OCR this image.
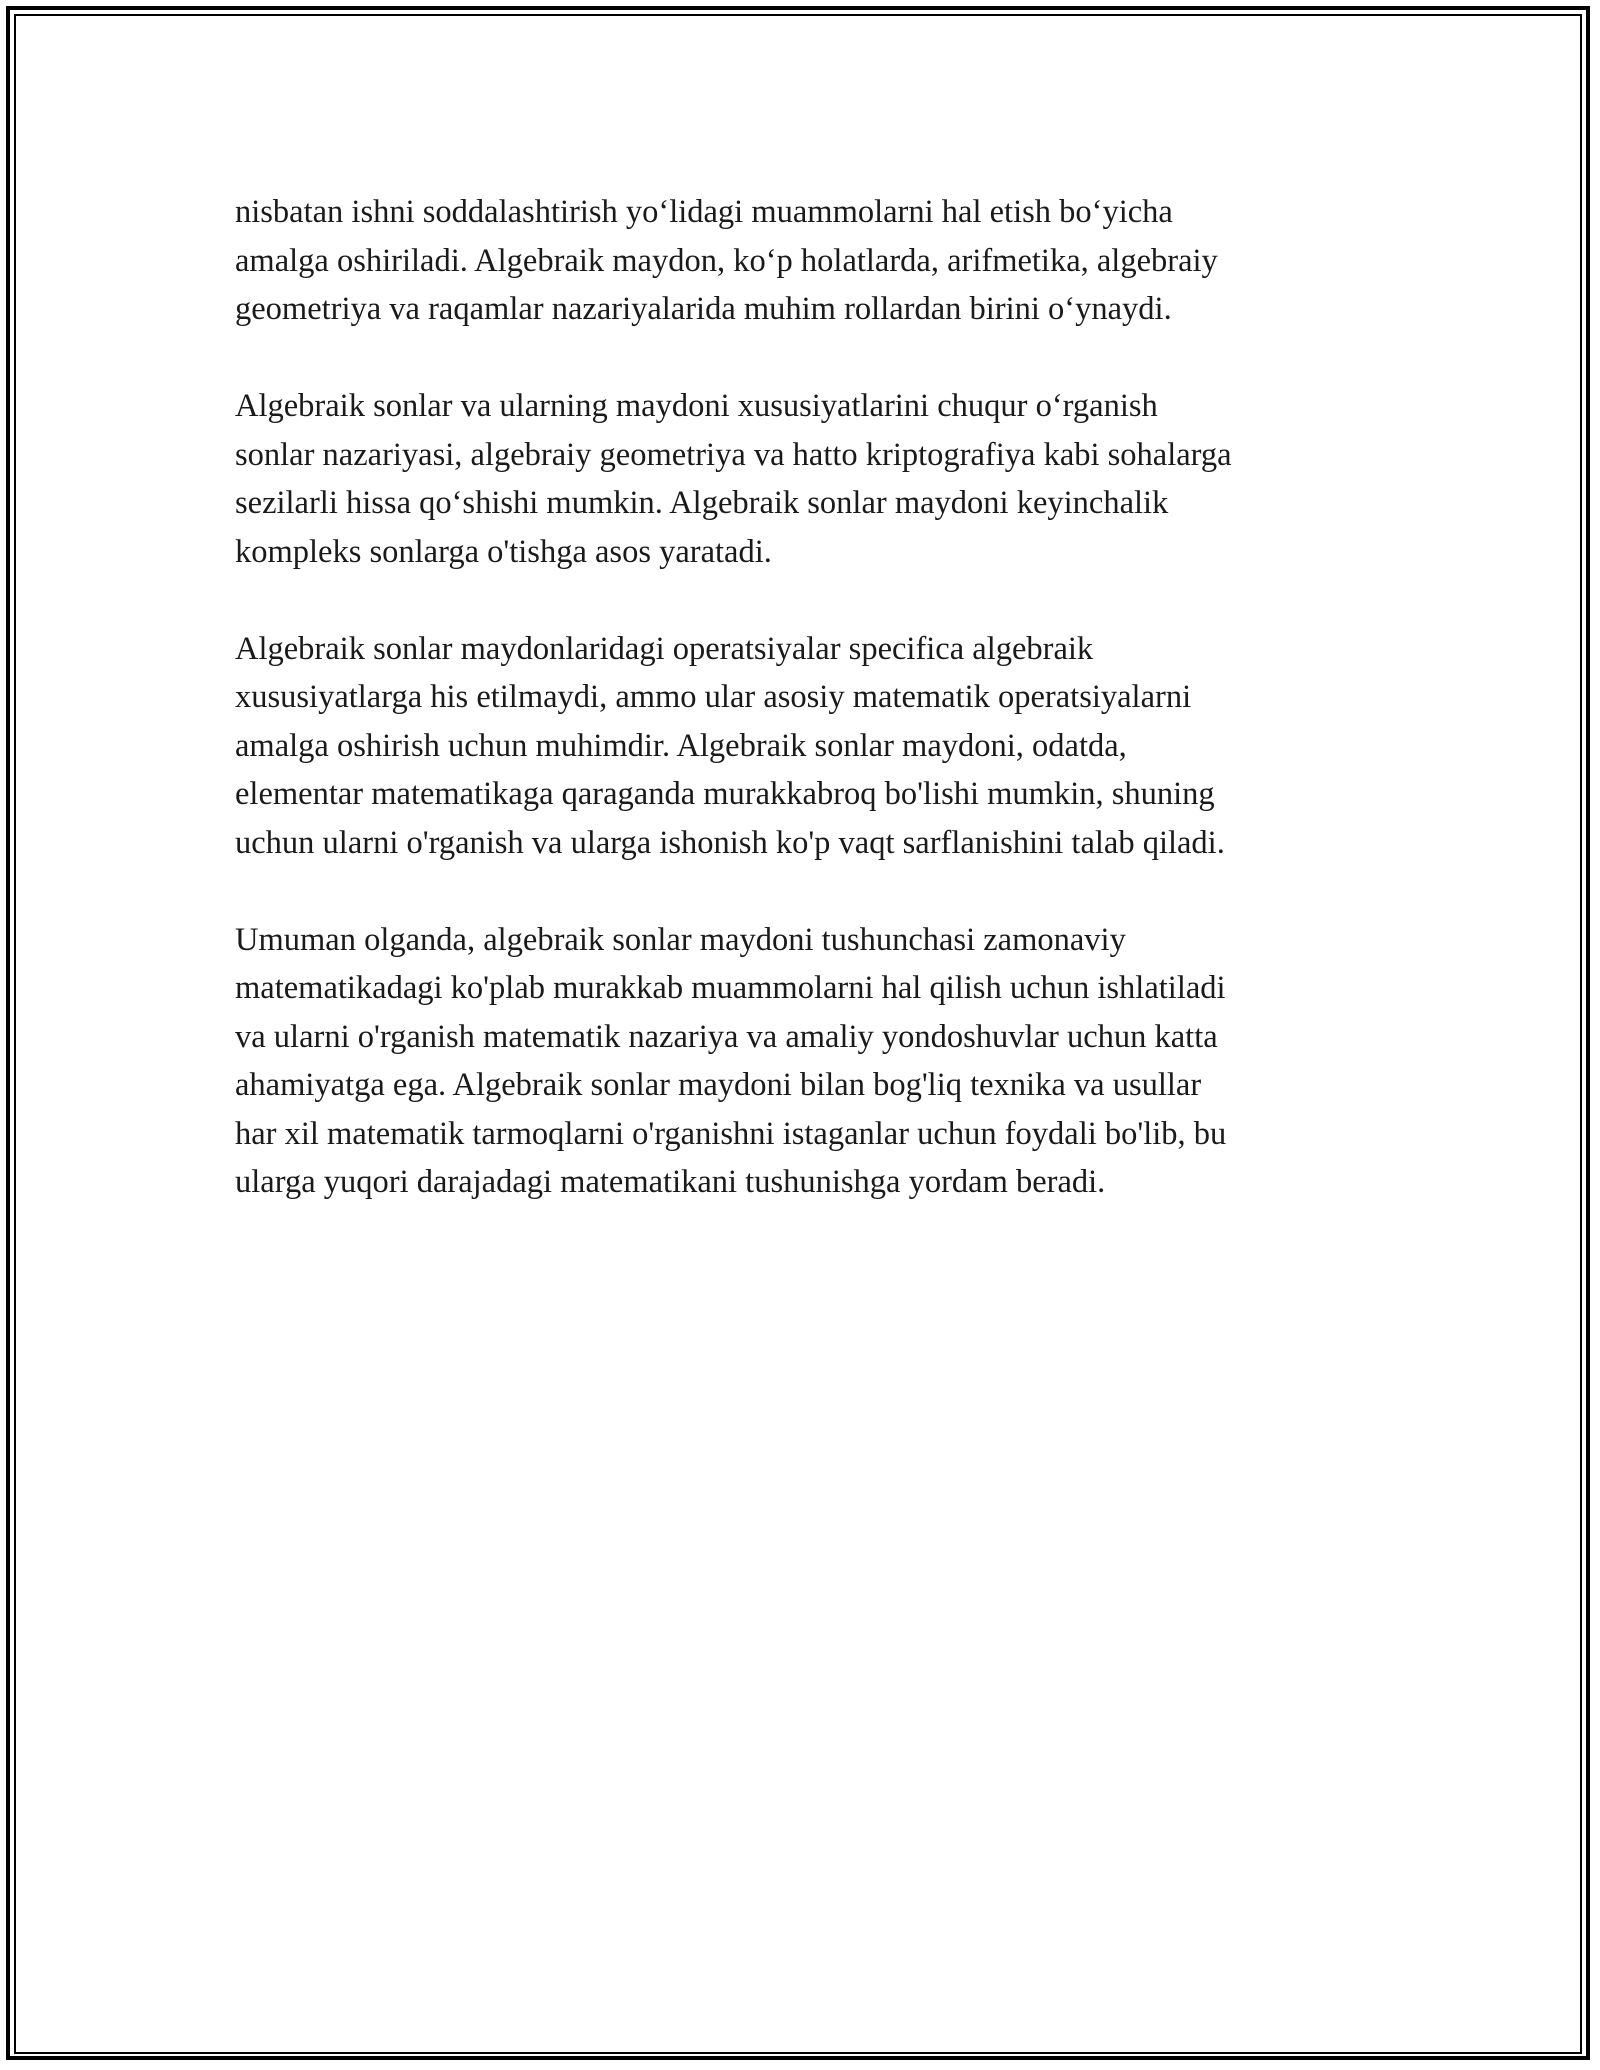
nisbatan ishni soddalashtirish yo‘lidagi muammolarni hal etish bo‘yicha
amalga oshiriladi. Algebraik maydon, ko‘p holatlarda, arifmetika, algebraiy
geometriya va raqamlar nazariyalarida muhim rollardan birini o‘ynaydi.

Algebraik sonlar va ularning maydoni xususiyatlarini chuqur o‘rganish
sonlar nazariyasi, algebraiy geometriya va hatto kriptografiya kabi sohalarga
sezilarli hissa qo‘shishi mumkin. Algebraik sonlar maydoni keyinchalik
kompleks sonlarga o'tishga asos yaratadi.

Algebraik sonlar maydonlaridagi operatsiyalar specifica algebraik
xususiyatlarga his etilmaydi, ammo ular asosiy matematik operatsiyalarni
amalga oshirish uchun muhimdir. Algebraik sonlar maydoni, odatda,
elementar matematikaga qaraganda murakkabroq bo'lishi mumkin, shuning
uchun ularni o'rganish va ularga ishonish ko'p vaqt sarflanishini talab qiladi.

Umuman olganda, algebraik sonlar maydoni tushunchasi zamonaviy
matematikadagi ko'plab murakkab muammolarni hal qilish uchun ishlatiladi
va ularni o'rganish matematik nazariya va amaliy yondoshuvlar uchun katta
ahamiyatga ega. Algebraik sonlar maydoni bilan bog'liq texnika va usullar
har xil matematik tarmoqlarni o'rganishni istaganlar uchun foydali bo'lib, bu
ularga yuqori darajadagi matematikani tushunishga yordam beradi.
